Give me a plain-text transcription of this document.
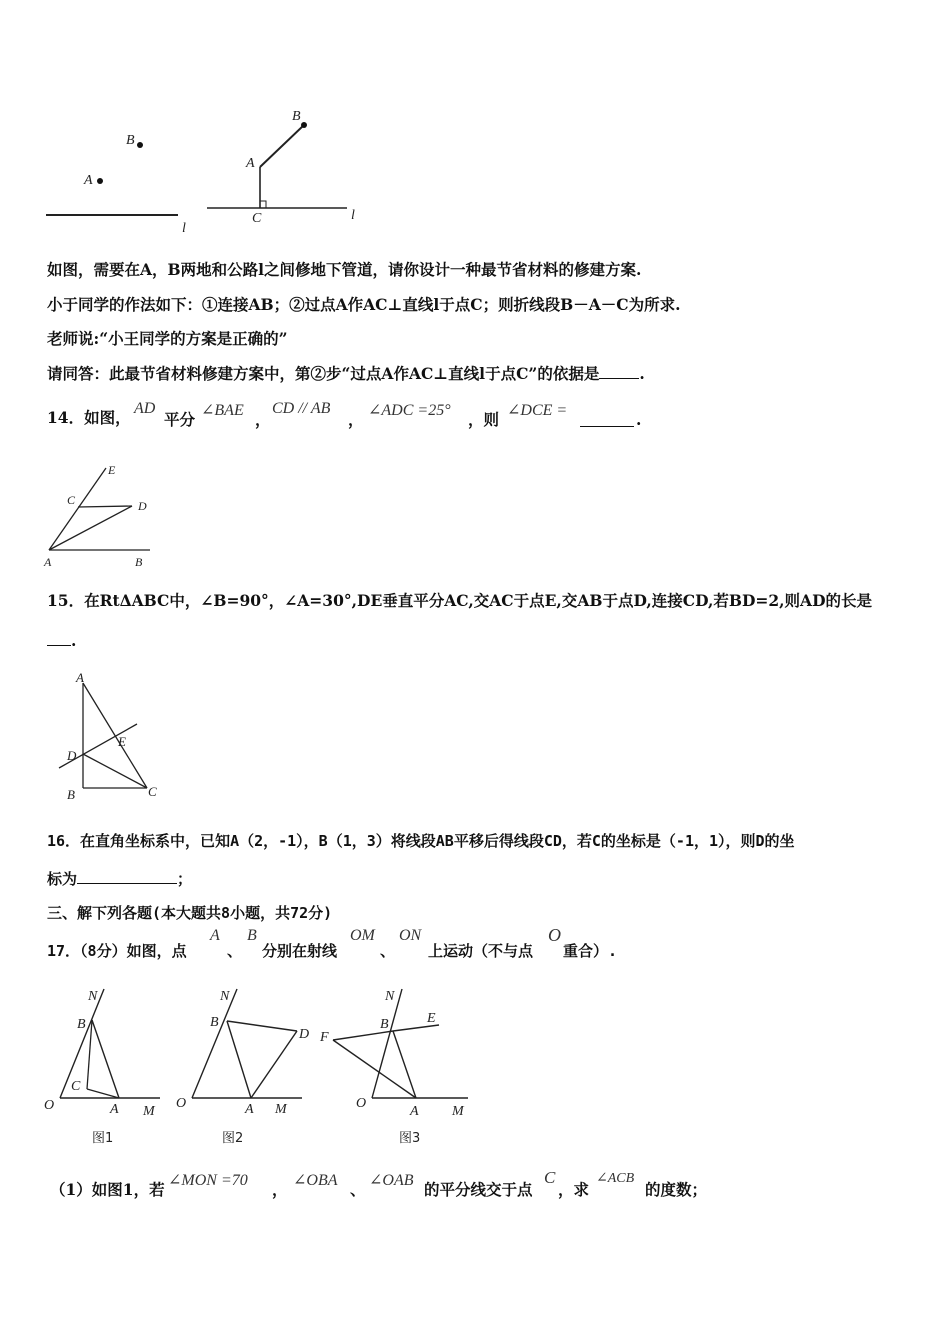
B
A
l
B
A
C	l
如图，需要在A，B两地和公路l之间修地下管道，请你设计一种最节省材料的修建方案.
小于同学的作法如下：①连接AB；②过点A作AC⊥直线l于点C；则折线段B－A－C为所求.
老师说:“小王同学的方案是正确的”
请同答：此最节省材料修建方案中，第②步“过点A作AC⊥直线l于点C”的依据是	.
14．如图， AD
平分 ∠BAE ，
CD // AB
， ∠ADC =25° ，则 ∠DCE =	.
E
C	D
A	B
15．在RtΔABC中，∠B=90°，∠A=30°,DE垂直平分AC,交AC于点E,交AB于点D,连接CD,若BD=2,则AD的长是
.
A
D
E
B	C
16．在直角坐标系中，已知A（2，-1），B（1，3）将线段AB平移后得线段CD，若C的坐标是（-1，1），则D的坐
标为	；
三、解下列各题(本大题共8小题，共72分)
17．（8分）如图，点
A
、
B
分别在射线
OM
、
ON
上运动（不与点
O
重合）.
N
B
C
O	A M
图1
N
B
D
O	A M
图2
N
B	E
F
O
A M
图3
（1）如图1，若 ∠MON =70 ， ∠OBA 、 ∠OAB 的平分线交于点
C
，求
∠ACB
的度数；
